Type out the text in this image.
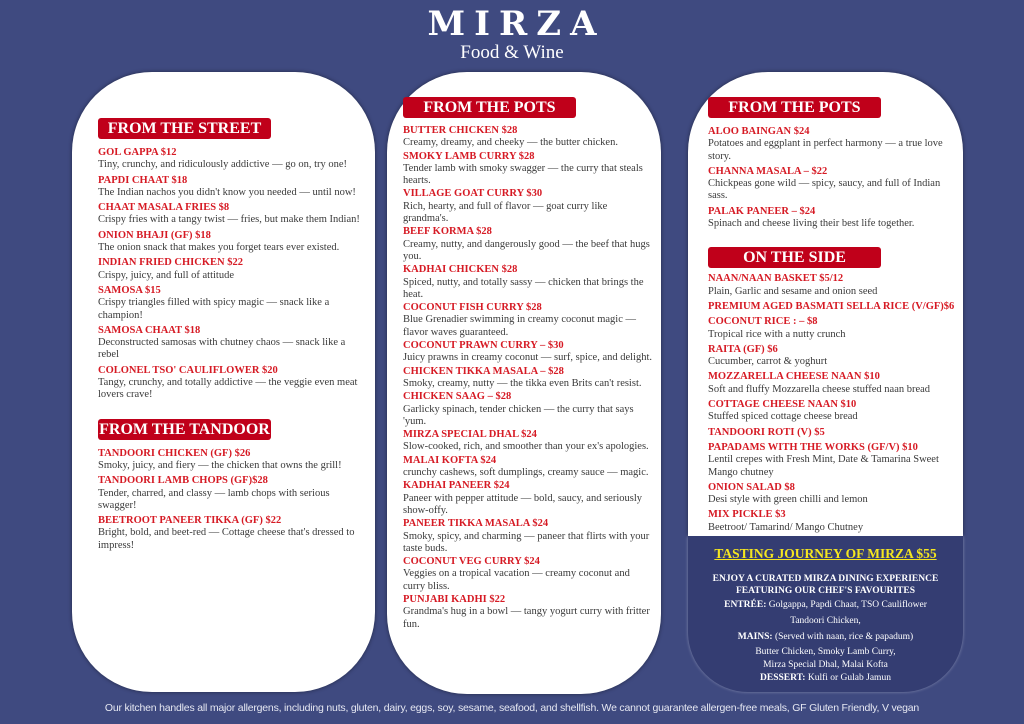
MIRZA
Food & Wine
FROM THE STREET
GOL GAPPA $12
Tiny, crunchy, and ridiculously addictive — go on, try one!
PAPDI CHAAT $18
The Indian nachos you didn't know you needed — until now!
CHAAT MASALA FRIES $8
Crispy fries with a tangy twist — fries, but make them Indian!
ONION BHAJI (GF) $18
The onion snack that makes you forget tears ever existed.
INDIAN FRIED CHICKEN $22
Crispy, juicy, and full of attitude
SAMOSA $15
Crispy triangles filled with spicy magic — snack like a champion!
SAMOSA CHAAT $18
Deconstructed samosas with chutney chaos — snack like a rebel
COLONEL TSO' CAULIFLOWER $20
Tangy, crunchy, and totally addictive — the veggie even meat lovers crave!
FROM THE TANDOOR
TANDOORI CHICKEN (GF) $26
Smoky, juicy, and fiery — the chicken that owns the grill!
TANDOORI LAMB CHOPS (GF)$28
Tender, charred, and classy — lamb chops with serious swagger!
BEETROOT PANEER TIKKA (GF) $22
Bright, bold, and beet-red — Cottage cheese that's dressed to impress!
FROM THE POTS
BUTTER CHICKEN $28
Creamy, dreamy, and cheeky — the butter chicken.
SMOKY LAMB CURRY $28
Tender lamb with smoky swagger — the curry that steals hearts.
VILLAGE GOAT CURRY $30
Rich, hearty, and full of flavor — goat curry like grandma's.
BEEF KORMA $28
Creamy, nutty, and dangerously good — the beef that hugs you.
KADHAI CHICKEN $28
Spiced, nutty, and totally sassy — chicken that brings the heat.
COCONUT FISH CURRY $28
Blue Grenadier swimming in creamy coconut magic — flavor waves guaranteed.
COCONUT PRAWN CURRY – $30
Juicy prawns in creamy coconut — surf, spice, and delight.
CHICKEN TIKKA MASALA – $28
Smoky, creamy, nutty — the tikka even Brits can't resist.
CHICKEN SAAG – $28
Garlicky spinach, tender chicken — the curry that says 'yum.
MIRZA SPECIAL DHAL $24
Slow-cooked, rich, and smoother than your ex's apologies.
MALAI KOFTA $24
crunchy cashews, soft dumplings, creamy sauce — magic.
KADHAI PANEER $24
Paneer with pepper attitude — bold, saucy, and seriously show-offy.
PANEER TIKKA MASALA $24
Smoky, spicy, and charming — paneer that flirts with your taste buds.
COCONUT VEG CURRY $24
Veggies on a tropical vacation — creamy coconut and curry bliss.
PUNJABI KADHI $22
Grandma's hug in a bowl — tangy yogurt curry with fritter fun.
FROM THE POTS
ALOO BAINGAN $24
Potatoes and eggplant in perfect harmony — a true love story.
CHANNA MASALA – $22
Chickpeas gone wild — spicy, saucy, and full of Indian sass.
PALAK PANEER – $24
Spinach and cheese living their best life together.
ON THE SIDE
NAAN/NAAN BASKET $5/12
Plain, Garlic and sesame and onion seed
PREMIUM AGED BASMATI SELLA RICE (V/GF)$6
COCONUT RICE : – $8
Tropical rice with a nutty crunch
RAITA (GF) $6
Cucumber, carrot & yoghurt
MOZZARELLA CHEESE NAAN $10
Soft and fluffy Mozzarella cheese stuffed naan bread
COTTAGE CHEESE NAAN $10
Stuffed spiced cottage cheese bread
TANDOORI ROTI (V) $5
PAPADAMS WITH THE WORKS (GF/V) $10
Lentil crepes with Fresh Mint, Date & Tamarina Sweet Mango chutney
ONION SALAD $8
Desi style with green chilli and lemon
MIX PICKLE $3
Beetroot/ Tamarind/ Mango Chutney
TASTING JOURNEY OF MIRZA $55
ENJOY A CURATED MIRZA DINING EXPERIENCE
FEATURING OUR CHEF'S FAVOURITES
ENTRÉE: Golgappa, Papdi Chaat, TSO Cauliflower
Tandoori Chicken,
MAINS: (Served with naan, rice & papadum)
Butter Chicken, Smoky Lamb Curry,
Mirza Special Dhal, Malai Kofta
DESSERT: Kulfi or Gulab Jamun
Our kitchen handles all major allergens, including nuts, gluten, dairy, eggs, soy, sesame, seafood, and shellfish. We cannot guarantee allergen-free meals, GF Gluten Friendly, V vegan
